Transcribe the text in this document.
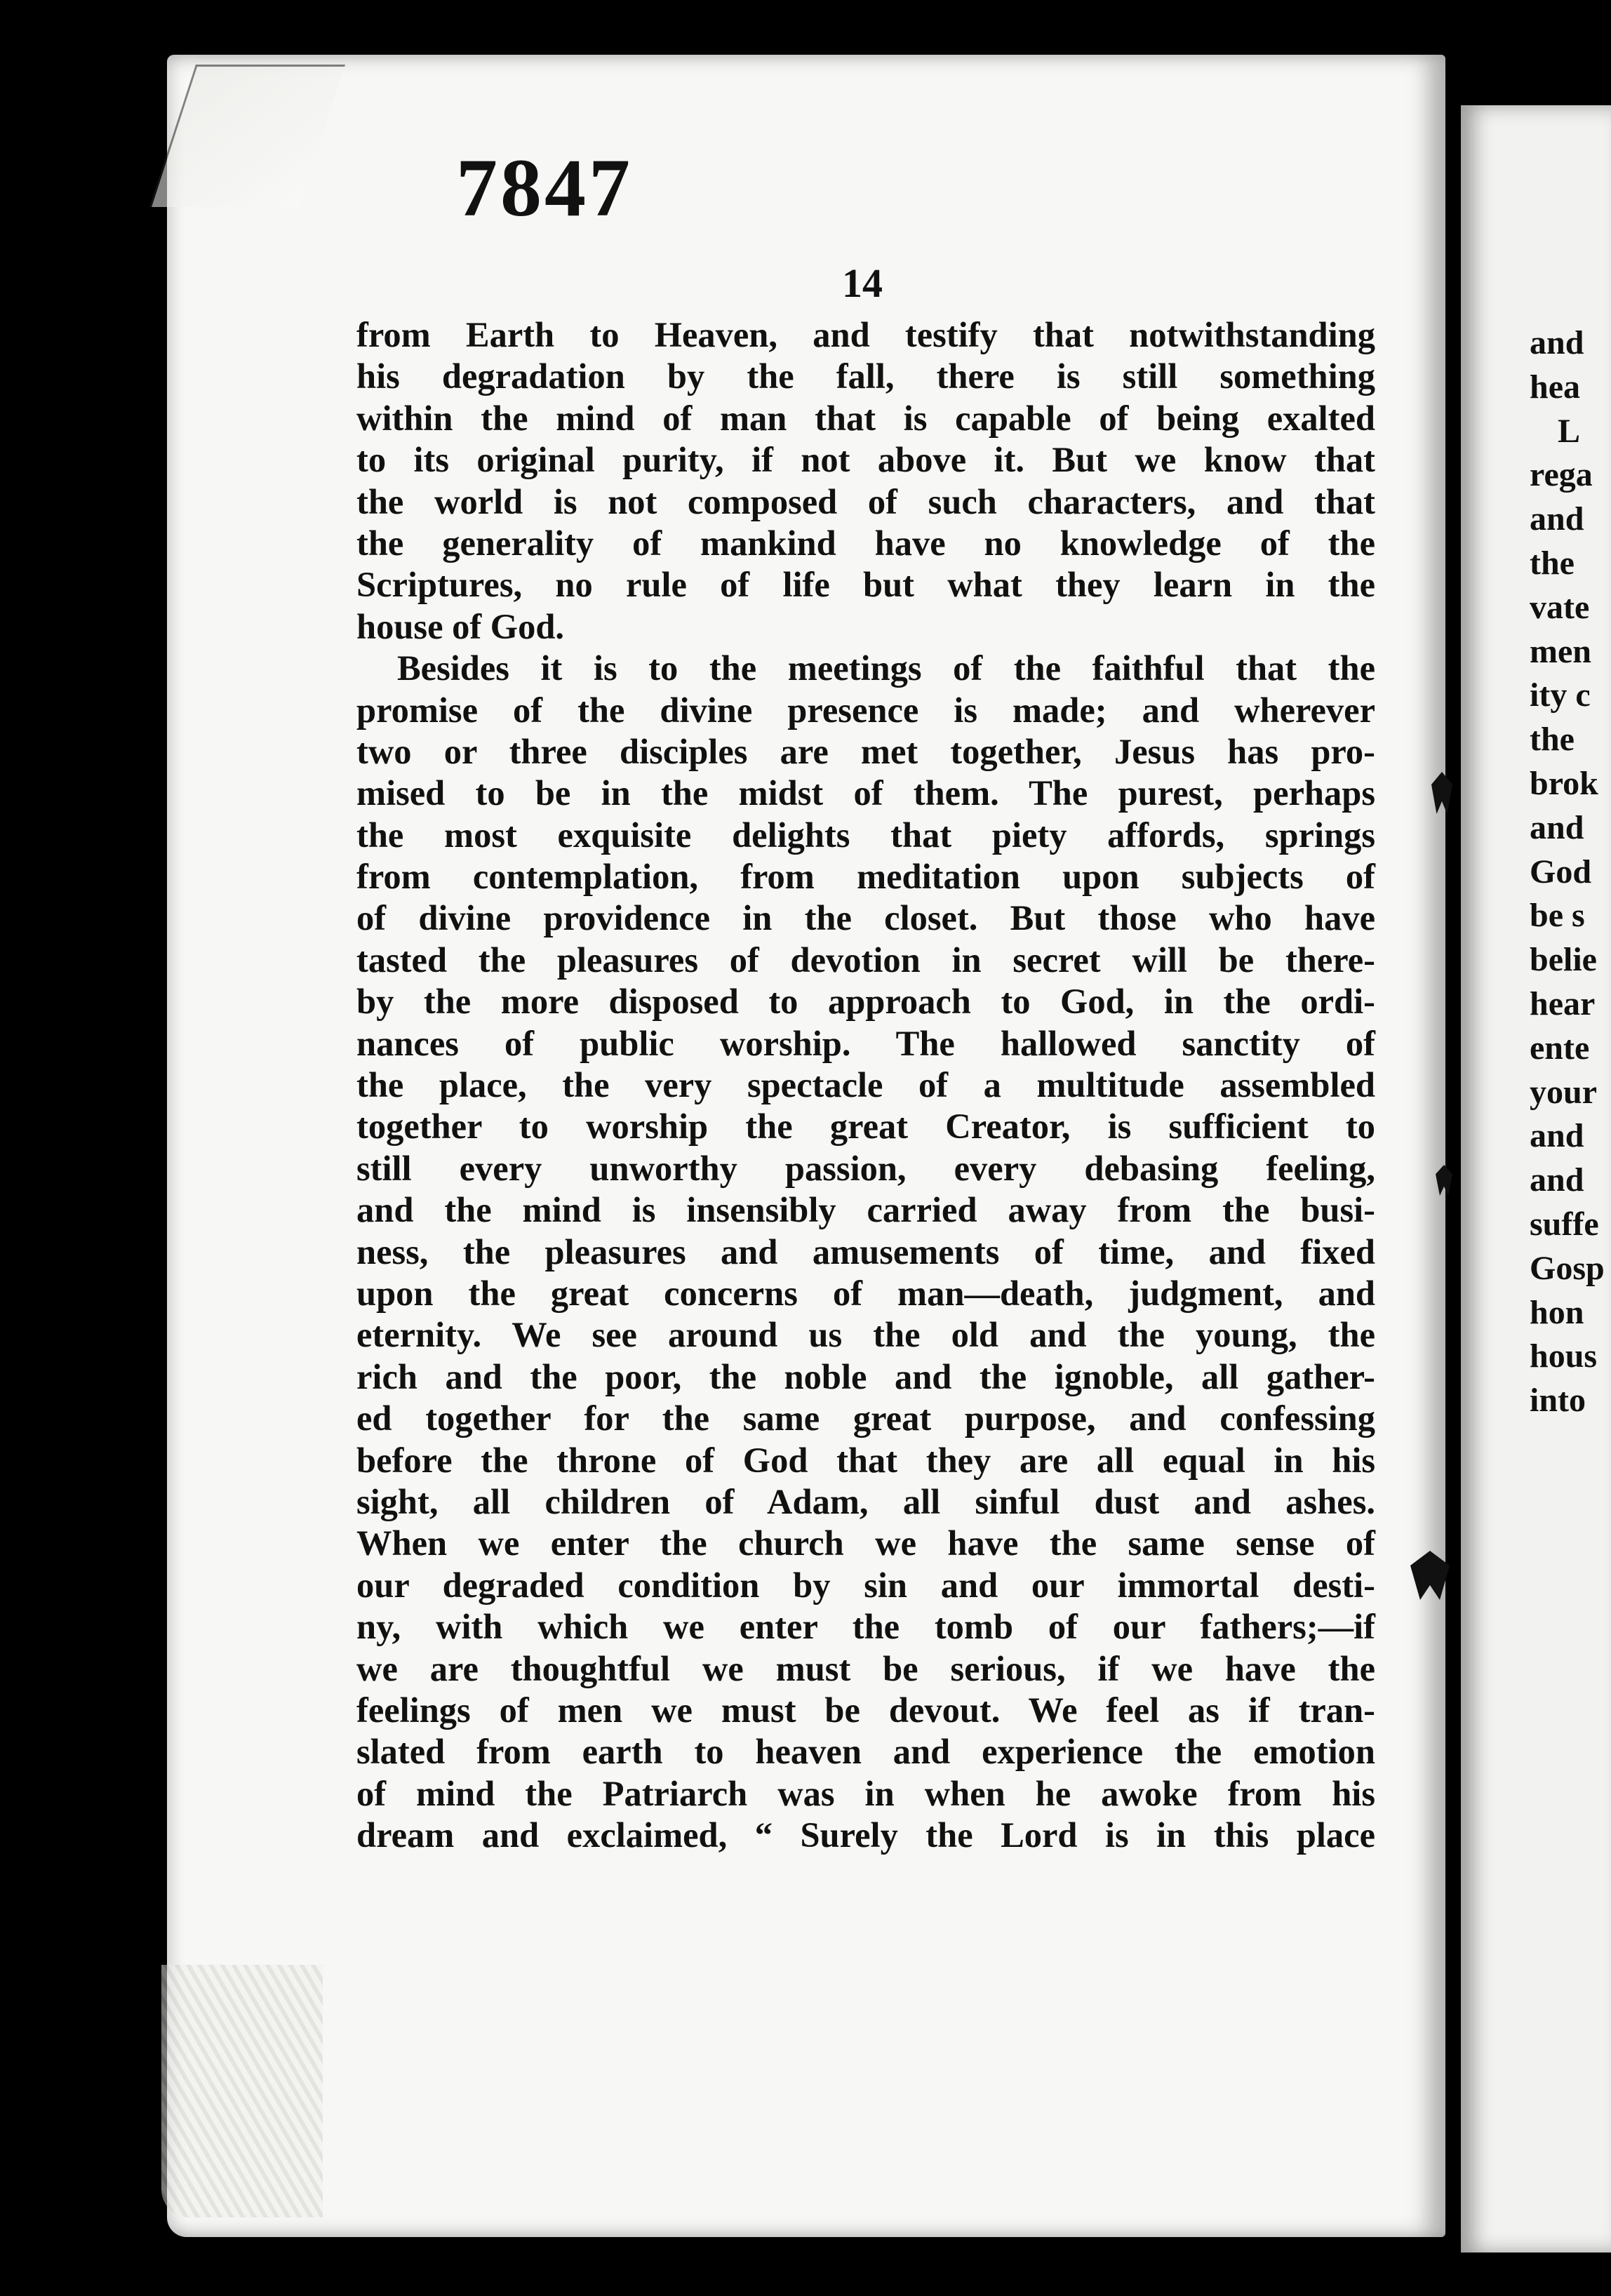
7847
14
from Earth to Heaven, and testify that notwithstanding
his degradation by the fall, there is still something
within the mind of man that is capable of being exalted
to its original purity, if not above it. But we know that
the world is not composed of such characters, and that
the generality of mankind have no knowledge of the
Scriptures, no rule of life but what they learn in the
house of God.
Besides it is to the meetings of the faithful that the
promise of the divine presence is made; and wherever
two or three disciples are met together, Jesus has pro-
mised to be in the midst of them. The purest, perhaps
the most exquisite delights that piety affords, springs
from contemplation, from meditation upon subjects of
of divine providence in the closet. But those who have
tasted the pleasures of devotion in secret will be there-
by the more disposed to approach to God, in the ordi-
nances of public worship. The hallowed sanctity of
the place, the very spectacle of a multitude assembled
together to worship the great Creator, is sufficient to
still every unworthy passion, every debasing feeling,
and the mind is insensibly carried away from the busi-
ness, the pleasures and amusements of time, and fixed
upon the great concerns of man—death, judgment, and
eternity. We see around us the old and the young, the
rich and the poor, the noble and the ignoble, all gather-
ed together for the same great purpose, and confessing
before the throne of God that they are all equal in his
sight, all children of Adam, all sinful dust and ashes.
When we enter the church we have the same sense of
our degraded condition by sin and our immortal desti-
ny, with which we enter the tomb of our fathers;—if
we are thoughtful we must be serious, if we have the
feelings of men we must be devout. We feel as if tran-
slated from earth to heaven and experience the emotion
of mind the Patriarch was in when he awoke from his
dream and exclaimed, “ Surely the Lord is in this place
and
hea
L
rega
and
the
vate
men
ity c
the
brok
and
God
be s
belie
hear
ente
your
and
and
suffe
Gosp
hon
hous
into
